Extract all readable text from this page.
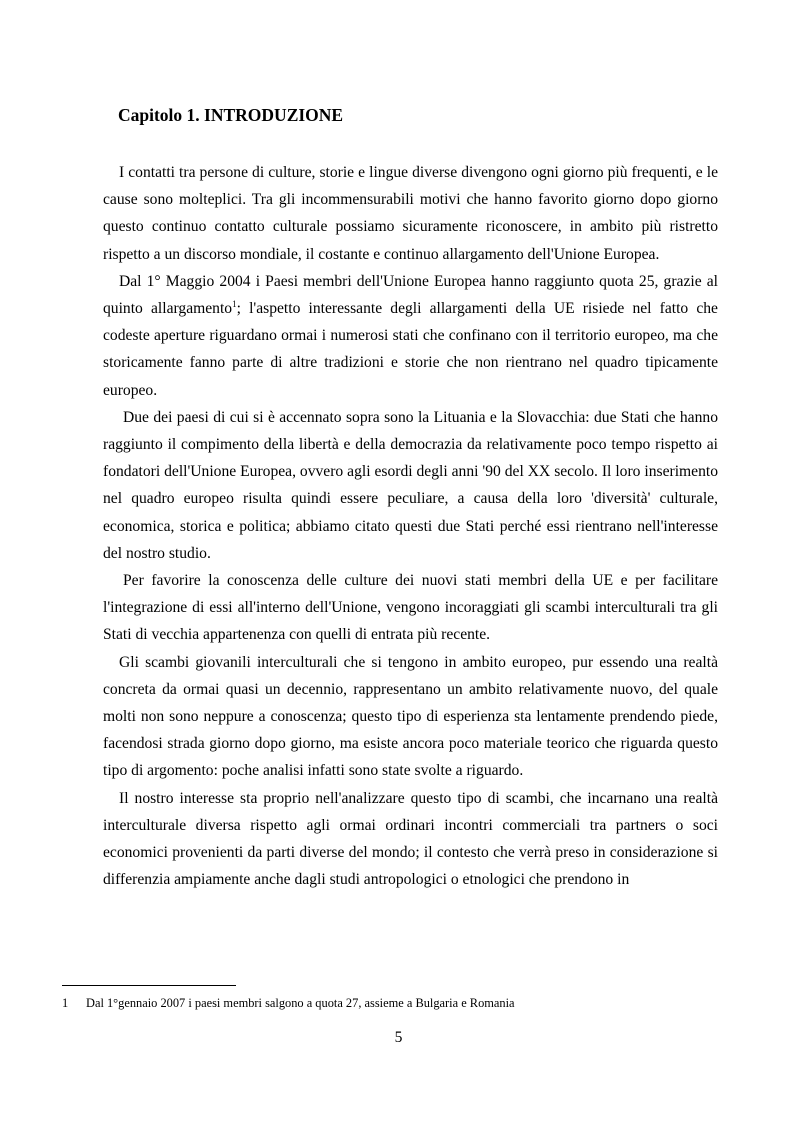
Capitolo 1. INTRODUZIONE

I contatti tra persone di culture, storie e lingue diverse divengono ogni giorno più frequenti, e le cause sono molteplici. Tra gli incommensurabili motivi che hanno favorito giorno dopo giorno questo continuo contatto culturale possiamo sicuramente riconoscere, in ambito più ristretto rispetto a un discorso mondiale, il costante e continuo allargamento dell'Unione Europea.

Dal 1° Maggio 2004 i Paesi membri dell'Unione Europea hanno raggiunto quota 25, grazie al quinto allargamento$^1$; l'aspetto interessante degli allargamenti della UE risiede nel fatto che codeste aperture riguardano ormai i numerosi stati che confinano con il territorio europeo, ma che storicamente fanno parte di altre tradizioni e storie che non rientrano nel quadro tipicamente europeo.

Due dei paesi di cui si è accennato sopra sono la Lituania e la Slovacchia: due Stati che hanno raggiunto il compimento della libertà e della democrazia da relativamente poco tempo rispetto ai fondatori dell'Unione Europea, ovvero agli esordi degli anni '90 del XX secolo. Il loro inserimento nel quadro europeo risulta quindi essere peculiare, a causa della loro 'diversità' culturale, economica, storica e politica; abbiamo citato questi due Stati perché essi rientrano nell'interesse del nostro studio.

Per favorire la conoscenza delle culture dei nuovi stati membri della UE e per facilitare l'integrazione di essi all'interno dell'Unione, vengono incoraggiati gli scambi interculturali tra gli Stati di vecchia appartenenza con quelli di entrata più recente.

Gli scambi giovanili interculturali che si tengono in ambito europeo, pur essendo una realtà concreta da ormai quasi un decennio, rappresentano un ambito relativamente nuovo, del quale molti non sono neppure a conoscenza; questo tipo di esperienza sta lentamente prendendo piede, facendosi strada giorno dopo giorno, ma esiste ancora poco materiale teorico che riguarda questo tipo di argomento: poche analisi infatti sono state svolte a riguardo.

Il nostro interesse sta proprio nell'analizzare questo tipo di scambi, che incarnano una realtà interculturale diversa rispetto agli ormai ordinari incontri commerciali tra partners o soci economici provenienti da parti diverse del mondo; il contesto che verrà preso in considerazione si differenzia ampiamente anche dagli studi antropologici o etnologici che prendono in

1 Dal 1°gennaio 2007 i paesi membri salgono a quota 27, assieme a Bulgaria e Romania
5
